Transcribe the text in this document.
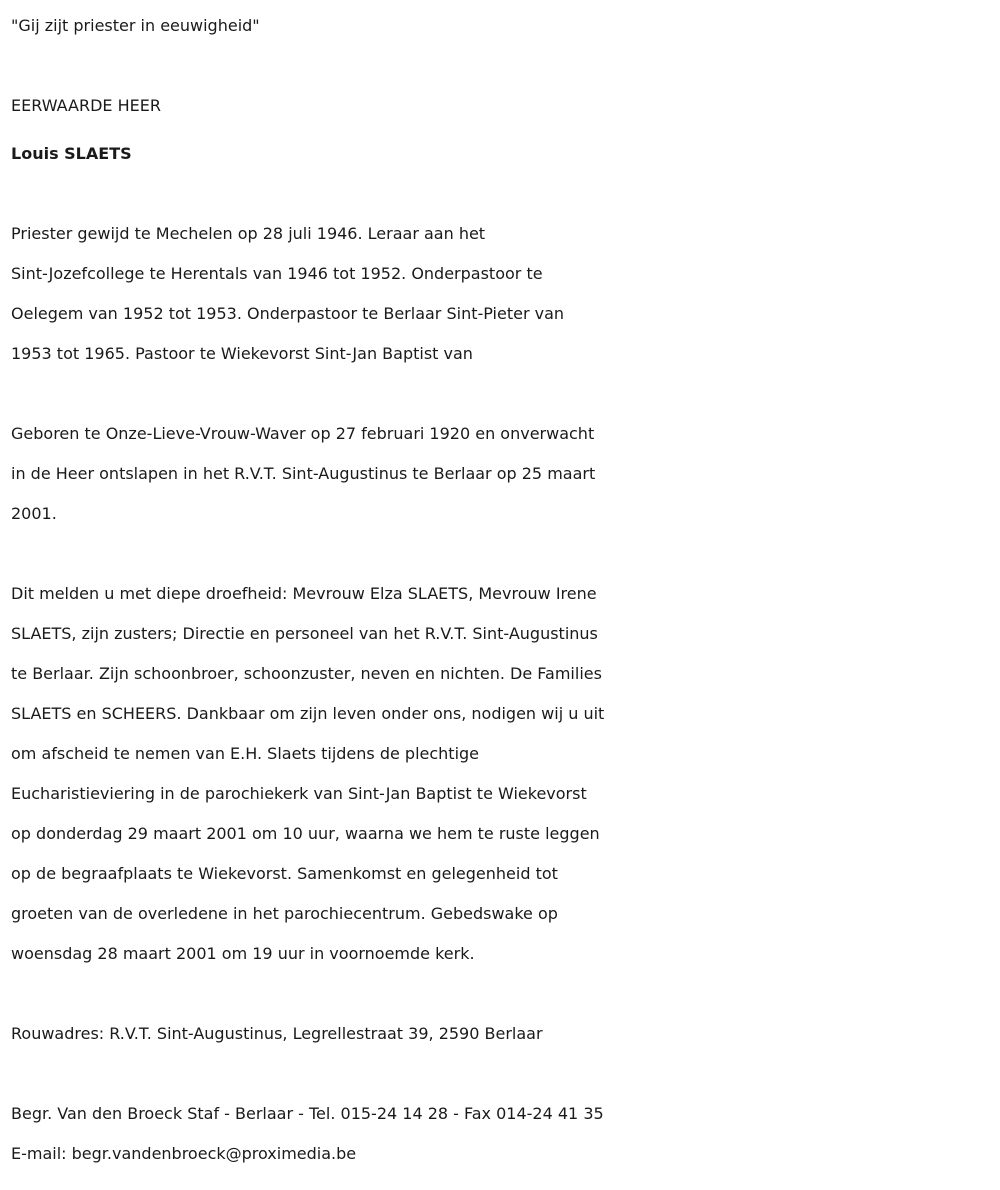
"Gij zijt priester in eeuwigheid"

EERWAARDE HEER

Louis SLAETS

Priester gewijd te Mechelen op 28 juli 1946. Leraar aan het
Sint-Jozefcollege te Herentals van 1946 tot 1952. Onderpastoor te
Oelegem van 1952 tot 1953. Onderpastoor te Berlaar Sint-Pieter van
1953 tot 1965. Pastoor te Wiekevorst Sint-Jan Baptist van
Geboren te Onze-Lieve-Vrouw-Waver op 27 februari 1920 en onverwacht
in de Heer ontslapen in het R.V.T. Sint-Augustinus te Berlaar op 25 maart
2001.
Dit melden u met diepe droefheid: Mevrouw Elza SLAETS, Mevrouw Irene
SLAETS, zijn zusters; Directie en personeel van het R.V.T. Sint-Augustinus
te Berlaar. Zijn schoonbroer, schoonzuster, neven en nichten. De Families
SLAETS en SCHEERS. Dankbaar om zijn leven onder ons, nodigen wij u uit
om afscheid te nemen van E.H. Slaets tijdens de plechtige
Eucharistieviering in de parochiekerk van Sint-Jan Baptist te Wiekevorst
op donderdag 29 maart 2001 om 10 uur, waarna we hem te ruste leggen
op de begraafplaats te Wiekevorst. Samenkomst en gelegenheid tot
groeten van de overledene in het parochiecentrum. Gebedswake op
woensdag 28 maart 2001 om 19 uur in voornoemde kerk.

Rouwadres: R.V.T. Sint-Augustinus, Legrellestraat 39, 2590 Berlaar

Begr. Van den Broeck Staf - Berlaar - Tel. 015-24 14 28 - Fax 014-24 41 35

E-mail: begr.vandenbroeck@proximedia.be
